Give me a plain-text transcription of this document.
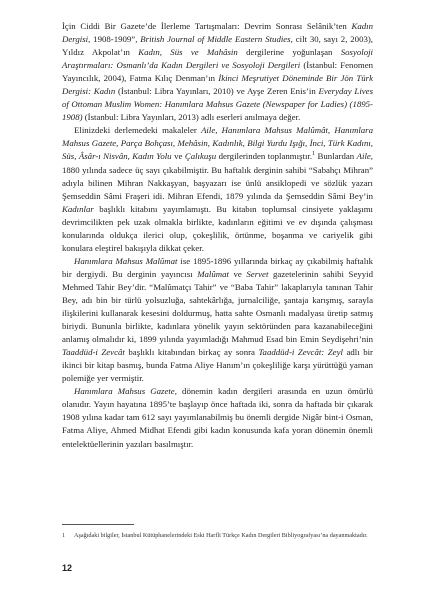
İçin Ciddi Bir Gazete’de İlerleme Tartışmaları: Devrim Sonrası Selânik’ten Kadın Dergisi, 1908-1909”, British Journal of Middle Eastern Studies, cilt 30, sayı 2, 2003), Yıldız Akpolat’ın Kadın, Süs ve Mahâsin dergilerine yoğunlaşan Sosyoloji Araştırmaları: Osmanlı’da Kadın Dergileri ve Sosyoloji Dergileri (İstanbul: Fenomen Yayıncılık, 2004), Fatma Kılıç Denman’ın İkinci Meşrutiyet Döneminde Bir Jön Türk Dergisi: Kadın (İstanbul: Libra Yayınları, 2010) ve Ayşe Zeren Enis’in Everyday Lives of Ottoman Muslim Women: Hanımlara Mahsus Gazete (Newspaper for Ladies) (1895-1908) (İstanbul: Libra Yayınları, 2013) adlı eserleri anılmaya değer.

Elinizdeki derlemedeki makaleler Aile, Hanımlara Mahsus Malûmât, Hanımlara Mahsus Gazete, Parça Bohçası, Mehâsin, Kadınlık, Bilgi Yurdu Işığı, İnci, Türk Kadını, Süs, Âsâr-ı Nisvân, Kadın Yolu ve Çalıkuşu dergilerinden toplanmıştır.$^1$ Bunlardan Aile, 1880 yılında sadece üç sayı çıkabilmiştir. Bu haftalık derginin sahibi “Sabahçı Mihran” adıyla bilinen Mihran Nakkaşyan, başyazarı ise ünlü ansiklopedi ve sözlük yazarı Şemseddin Sâmi Fraşeri idi. Mihran Efendi, 1879 yılında da Şemseddin Sâmi Bey’in Kadınlar başlıklı kitabını yayımlamıştı. Bu kitabın toplumsal cinsiyete yaklaşımı devrimcilikten pek uzak olmakla birlikte, kadınların eğitimi ve ev dışında çalışması konularında oldukça ilerici olup, çokeşlilik, örtünme, boşanma ve cariyelik gibi konulara eleştirel bakışıyla dikkat çeker.

Hanımlara Mahsus Malûmat ise 1895-1896 yıllarında birkaç ay çıkabilmiş haftalık bir dergiydi. Bu derginin yayıncısı Malûmat ve Servet gazetelerinin sahibi Seyyid Mehmed Tahir Bey’dir. “Malûmatçı Tahir” ve “Baba Tahir” lakaplarıyla tanınan Tahir Bey, adı bin bir türlü yolsuzluğa, sahtekârlığa, jurnalciliğe, şantaja karışmış, sarayla ilişkilerini kullanarak kesesini doldurmuş, hatta sahte Osmanlı madalyası üretip satmış biriydi. Bununla birlikte, kadınlara yönelik yayın sektöründen para kazanabileceğini anlamış olmalıdır ki, 1899 yılında yayımladığı Mahmud Esad bin Emin Seydişehri’nin Taaddüd-i Zevcât başlıklı kitabından birkaç ay sonra Taaddüd-i Zevcât: Zeyl adlı bir ikinci bir kitap basmış, bunda Fatma Aliye Hanım’ın çokeşliliğe karşı yürüttüğü yaman polemiğe yer vermiştir.

Hanımlara Mahsus Gazete, dönemin kadın dergileri arasında en uzun ömürlü olanıdır. Yayın hayatına 1895’te başlayıp önce haftada iki, sonra da haftada bir çıkarak 1908 yılına kadar tam 612 sayı yayımlanabilmiş bu önemli dergide Nigâr bint-i Osman, Fatma Aliye, Ahmed Midhat Efendi gibi kadın konusunda kafa yoran dönemin önemli entelektüellerinin yazıları basılmıştır.

1	Aşağıdaki bilgiler, İstanbul Kütüphanelerindeki Eski Harfli Türkçe Kadın Dergileri Bibliyografyası’na dayanmaktadır.
12
